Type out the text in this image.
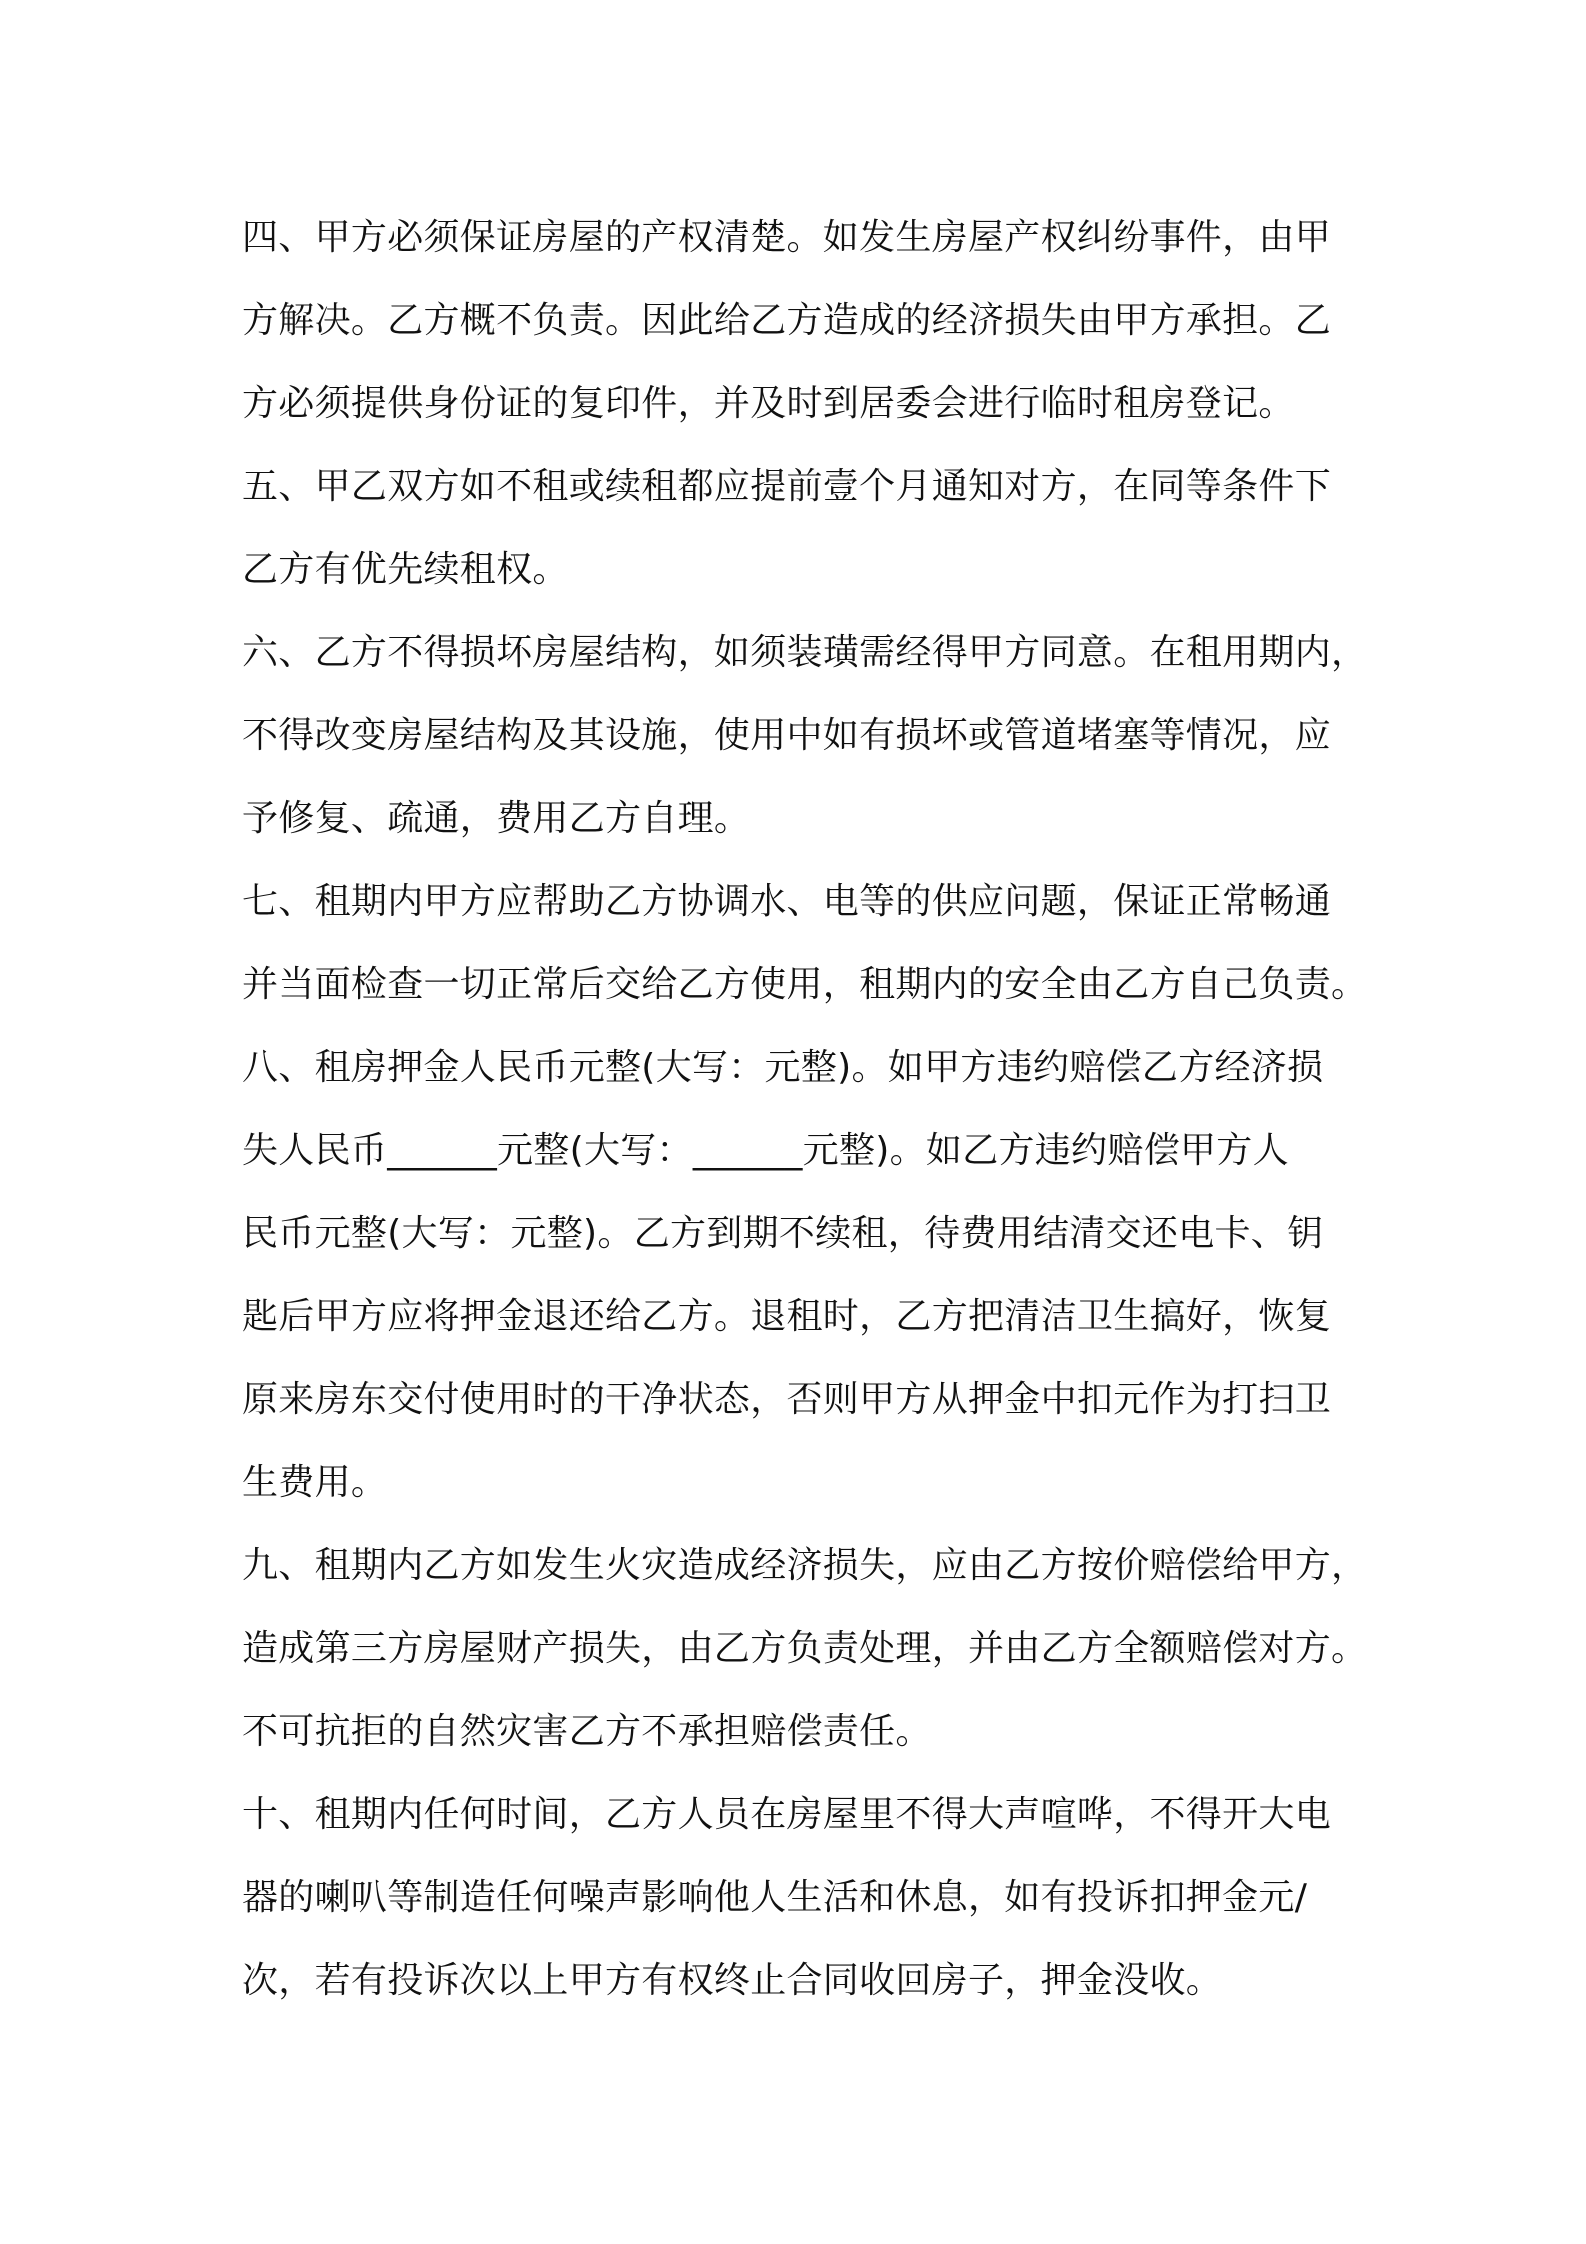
四、甲方必须保证房屋的产权清楚。如发生房屋产权纠纷事件，由甲
方解决。乙方概不负责。因此给乙方造成的经济损失由甲方承担。乙
方必须提供身份证的复印件，并及时到居委会进行临时租房登记。
五、甲乙双方如不租或续租都应提前壹个月通知对方，在同等条件下
乙方有优先续租权。
六、乙方不得损坏房屋结构，如须装璜需经得甲方同意。在租用期内，
不得改变房屋结构及其设施，使用中如有损坏或管道堵塞等情况，应
予修复、疏通，费用乙方自理。
七、租期内甲方应帮助乙方协调水、电等的供应问题，保证正常畅通
并当面检查一切正常后交给乙方使用，租期内的安全由乙方自己负责。
八、租房押金人民币元整(大写：元整)。如甲方违约赔偿乙方经济损
失人民币______元整(大写：______元整)。如乙方违约赔偿甲方人
民币元整(大写：元整)。乙方到期不续租，待费用结清交还电卡、钥
匙后甲方应将押金退还给乙方。退租时，乙方把清洁卫生搞好，恢复
原来房东交付使用时的干净状态，否则甲方从押金中扣元作为打扫卫
生费用。
九、租期内乙方如发生火灾造成经济损失，应由乙方按价赔偿给甲方，
造成第三方房屋财产损失，由乙方负责处理，并由乙方全额赔偿对方。
不可抗拒的自然灾害乙方不承担赔偿责任。
十、租期内任何时间，乙方人员在房屋里不得大声喧哗，不得开大电
器的喇叭等制造任何噪声影响他人生活和休息，如有投诉扣押金元/
次，若有投诉次以上甲方有权终止合同收回房子，押金没收。
